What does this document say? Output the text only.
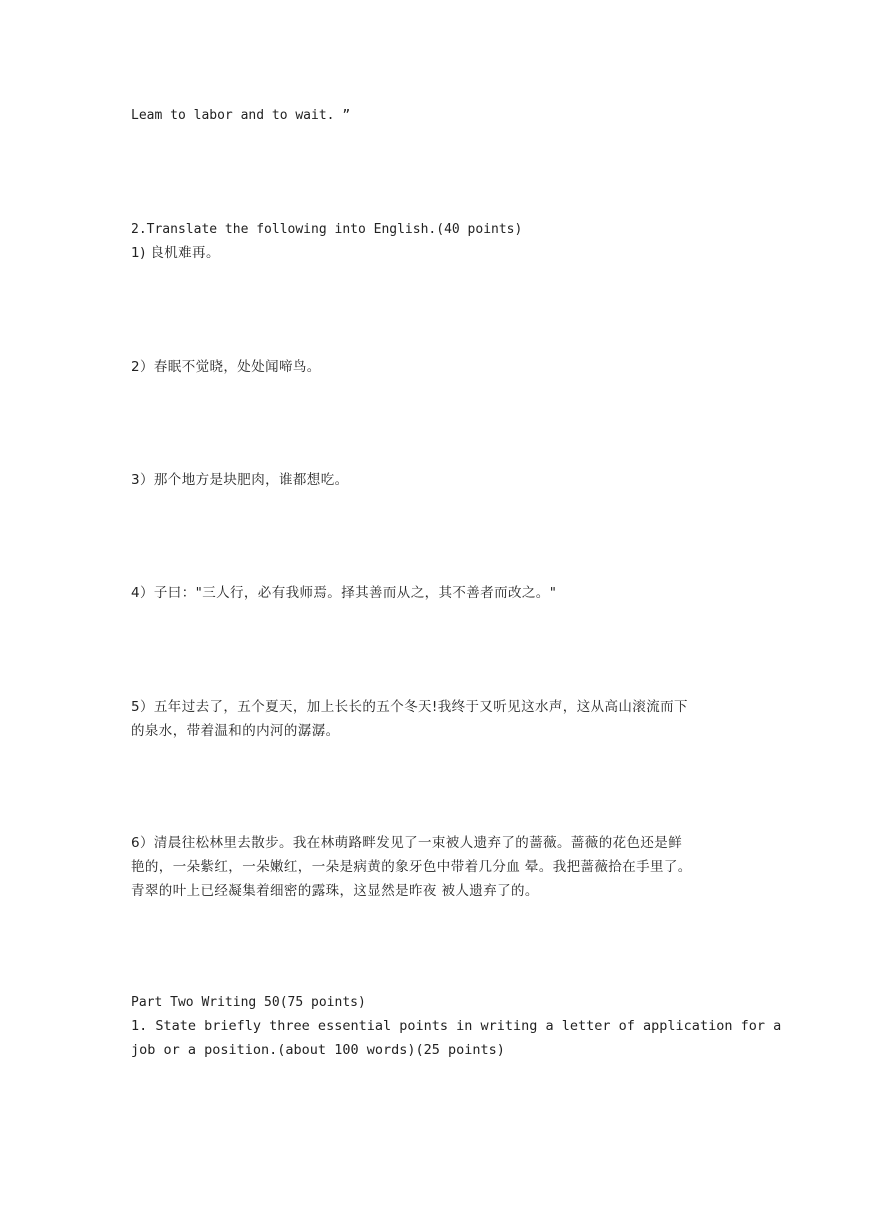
Leam to labor and to wait. ”
2.Translate the following into English.(40 points)
1) 良机难再。
2）春眠不觉晓，处处闻啼鸟。
3）那个地方是块肥肉，谁都想吃。
4）子曰："三人行，必有我师焉。择其善而从之，其不善者而改之。"
5）五年过去了，五个夏天，加上长长的五个冬天!我终于又听见这水声，这从高山滚流而下
的泉水，带着温和的内河的潺潺。
6）清晨往松林里去散步。我在林萌路畔发见了一束被人遗弃了的蔷薇。蔷薇的花色还是鲜
艳的，一朵紫红，一朵嫩红，一朵是病黄的象牙色中带着几分血 晕。我把蔷薇拾在手里了。
青翠的叶上已经凝集着细密的露珠，这显然是昨夜 被人遗弃了的。
Part Two Writing 50(75 points)
1. State briefly three essential points in writing a letter of application for a
job or a position.(about 100 words)(25 points)
